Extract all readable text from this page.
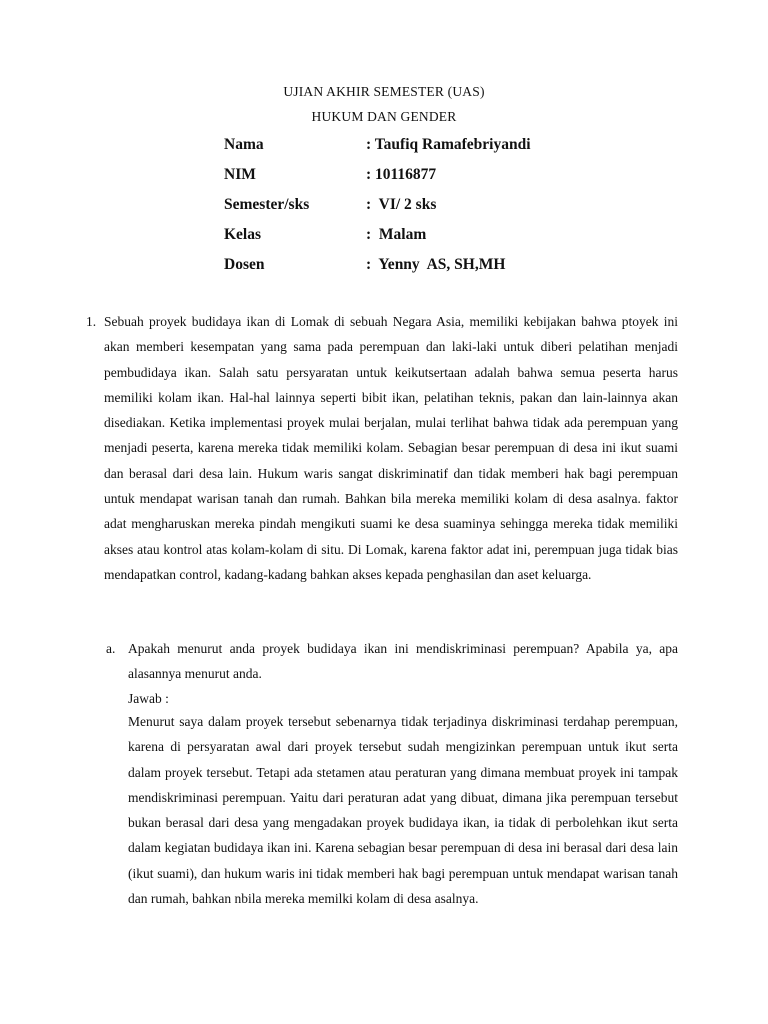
UJIAN AKHIR SEMESTER (UAS)
HUKUM DAN GENDER
Nama	: Taufiq Ramafebriyandi
NIM	: 10116877
Semester/sks	:  VI/ 2 sks
Kelas	:  Malam
Dosen	:  Yenny  AS, SH,MH
1. Sebuah proyek budidaya ikan di Lomak di sebuah Negara Asia, memiliki kebijakan bahwa ptoyek ini akan memberi kesempatan yang sama pada perempuan dan laki-laki untuk diberi pelatihan menjadi pembudidaya ikan. Salah satu persyaratan untuk keikutsertaan adalah bahwa semua peserta harus memiliki kolam ikan. Hal-hal lainnya seperti bibit ikan, pelatihan teknis, pakan dan lain-lainnya akan disediakan. Ketika implementasi proyek mulai berjalan, mulai terlihat bahwa tidak ada perempuan yang menjadi peserta, karena mereka tidak memiliki kolam. Sebagian besar perempuan di desa ini ikut suami dan berasal dari desa lain. Hukum waris sangat diskriminatif dan tidak memberi hak bagi perempuan untuk mendapat warisan tanah dan rumah. Bahkan bila mereka memiliki kolam di desa asalnya. faktor adat mengharuskan mereka pindah mengikuti suami ke desa suaminya sehingga mereka tidak memiliki akses atau kontrol atas kolam-kolam di situ. Di Lomak, karena faktor adat ini, perempuan juga tidak bias mendapatkan control, kadang-kadang bahkan akses kepada penghasilan dan aset keluarga.

a. Apakah menurut anda proyek budidaya ikan ini mendiskriminasi perempuan? Apabila ya, apa alasannya menurut anda.

Jawab :

Menurut saya dalam proyek tersebut sebenarnya tidak terjadinya diskriminasi terdahap perempuan, karena di persyaratan awal dari proyek tersebut sudah mengizinkan perempuan untuk ikut serta dalam proyek tersebut. Tetapi ada stetamen atau peraturan yang dimana membuat proyek ini tampak mendiskriminasi perempuan. Yaitu dari peraturan adat yang dibuat, dimana jika perempuan tersebut bukan berasal dari desa yang mengadakan proyek budidaya ikan, ia tidak di perbolehkan ikut serta dalam kegiatan budidaya ikan ini. Karena sebagian besar perempuan di desa ini berasal dari desa lain (ikut suami), dan hukum waris ini tidak memberi hak bagi perempuan untuk mendapat warisan tanah dan rumah, bahkan nbila mereka memilki kolam di desa asalnya.
